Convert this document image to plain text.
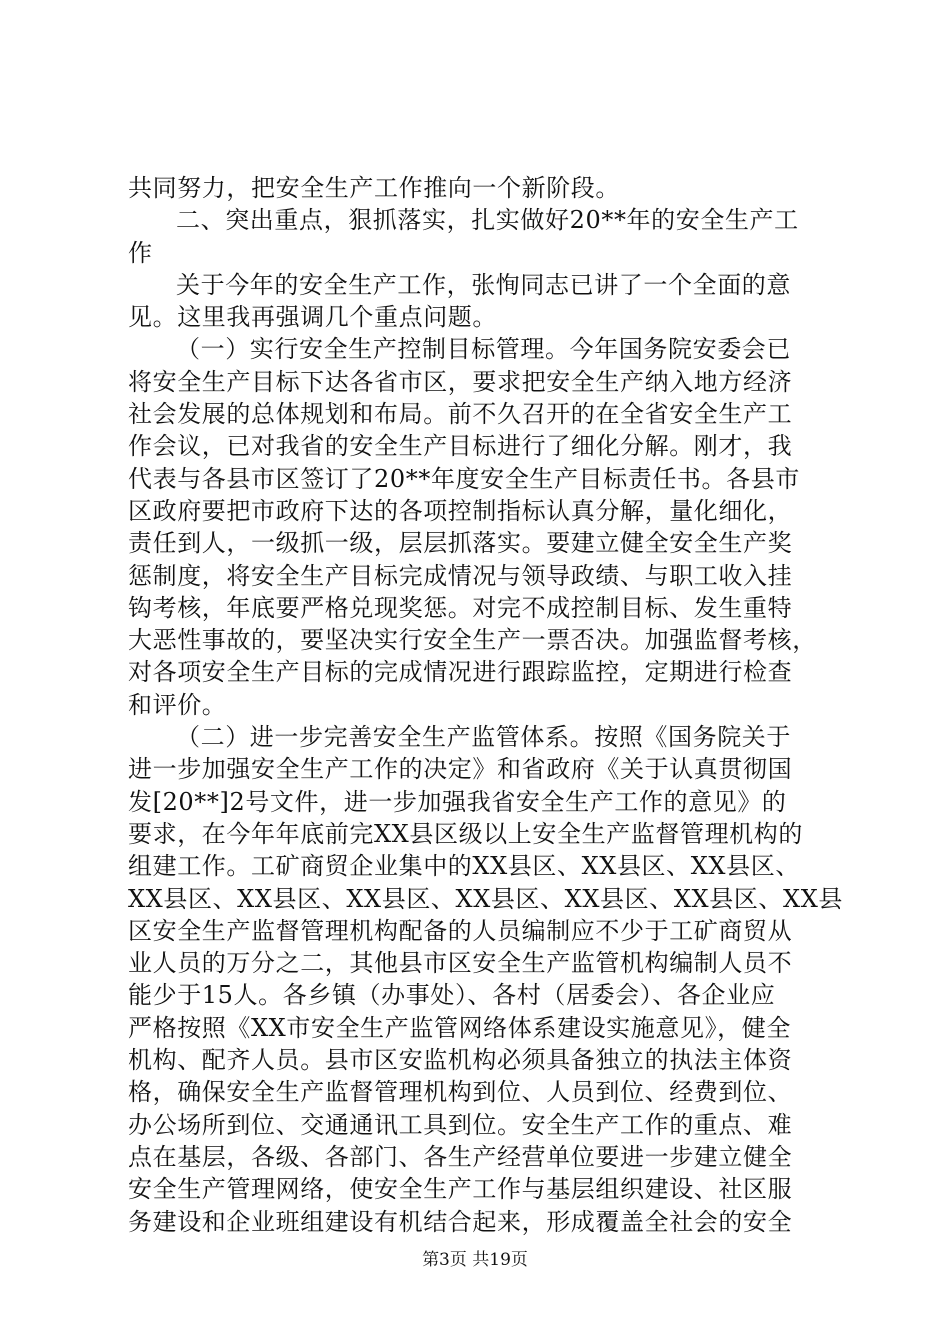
共同努力，把安全生产工作推向一个新阶段。
二、突出重点，狠抓落实，扎实做好20**年的安全生产工
作
关于今年的安全生产工作，张恂同志已讲了一个全面的意
见。这里我再强调几个重点问题。
（一）实行安全生产控制目标管理。今年国务院安委会已
将安全生产目标下达各省市区，要求把安全生产纳入地方经济
社会发展的总体规划和布局。前不久召开的在全省安全生产工
作会议，已对我省的安全生产目标进行了细化分解。刚才，我
代表与各县市区签订了20**年度安全生产目标责任书。各县市
区政府要把市政府下达的各项控制指标认真分解，量化细化，
责任到人，一级抓一级，层层抓落实。要建立健全安全生产奖
惩制度，将安全生产目标完成情况与领导政绩、与职工收入挂
钩考核，年底要严格兑现奖惩。对完不成控制目标、发生重特
大恶性事故的，要坚决实行安全生产一票否决。加强监督考核，
对各项安全生产目标的完成情况进行跟踪监控，定期进行检查
和评价。
（二）进一步完善安全生产监管体系。按照《国务院关于
进一步加强安全生产工作的决定》和省政府《关于认真贯彻国
发[20**]2号文件，进一步加强我省安全生产工作的意见》的
要求，在今年年底前完XX县区级以上安全生产监督管理机构的
组建工作。工矿商贸企业集中的XX县区、XX县区、XX县区、
XX县区、XX县区、XX县区、XX县区、XX县区、XX县区、XX县
区安全生产监督管理机构配备的人员编制应不少于工矿商贸从
业人员的万分之二，其他县市区安全生产监管机构编制人员不
能少于15人。各乡镇（办事处）、各村（居委会）、各企业应
严格按照《XX市安全生产监管网络体系建设实施意见》，健全
机构、配齐人员。县市区安监机构必须具备独立的执法主体资
格，确保安全生产监督管理机构到位、人员到位、经费到位、
办公场所到位、交通通讯工具到位。安全生产工作的重点、难
点在基层，各级、各部门、各生产经营单位要进一步建立健全
安全生产管理网络，使安全生产工作与基层组织建设、社区服
务建设和企业班组建设有机结合起来，形成覆盖全社会的安全
第3页 共19页
